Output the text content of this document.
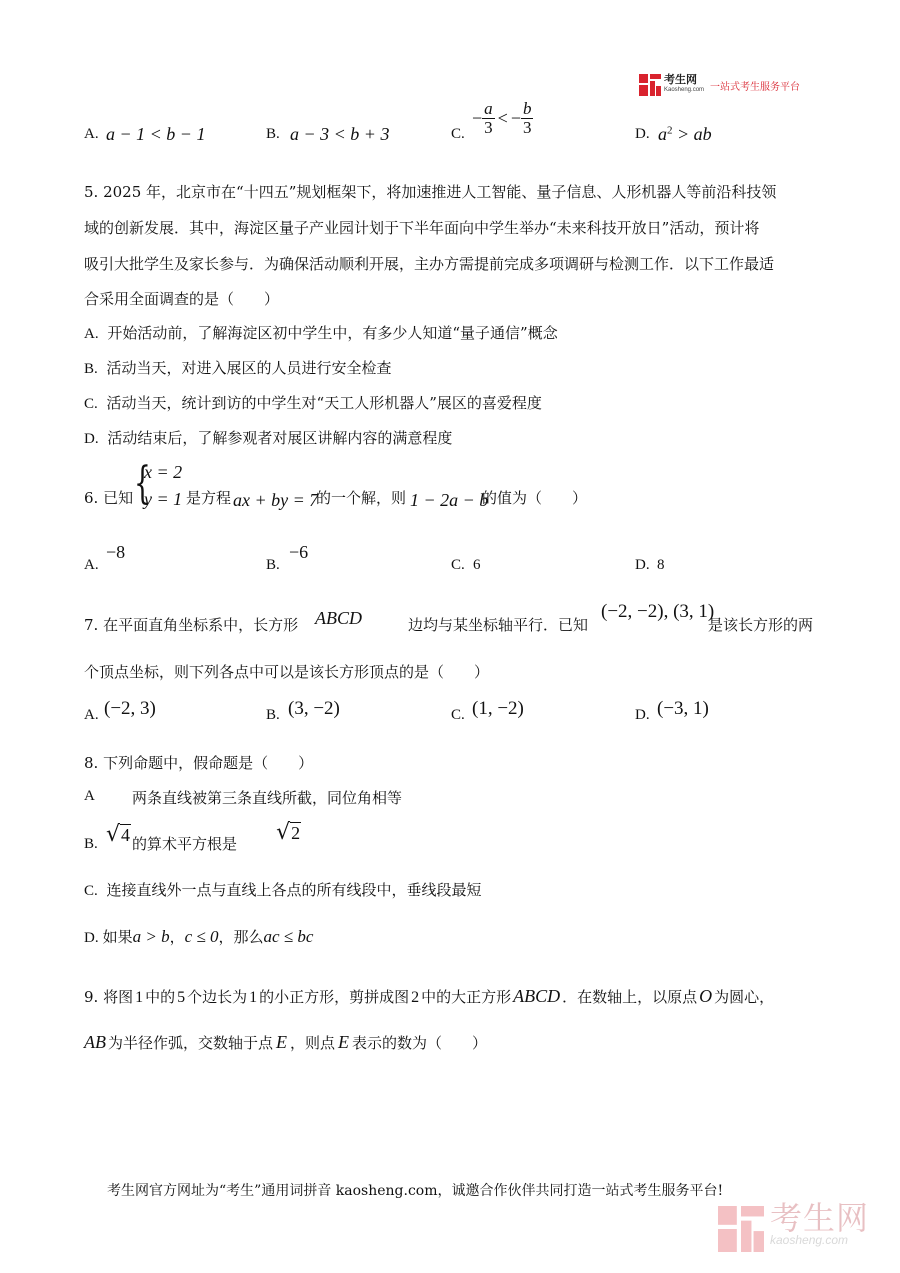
考生网
Kaosheng.com 一站式考生服务平台
A. a − 1 < b − 1	B. a − 3 < b + 3	C.
− $\frac{a}{3}$ < − $\frac{b}{3}$	D. $a^2$ > ab
5. 2025 年，北京市在“十四五”规划框架下，将加速推进人工智能、量子信息、人形机器人等前沿科技领
域的创新发展．其中，海淀区量子产业园计划于下半年面向中学生举办“未来科技开放日”活动，预计将
吸引大批学生及家长参与．为确保活动顺利开展，主办方需提前完成多项调研与检测工作．以下工作最适
合采用全面调查的是（　　）
A. 开始活动前，了解海淀区初中学生中，有多少人知道“量子通信”概念
B. 活动当天，对进入展区的人员进行安全检查
C. 活动当天，统计到访的中学生对“天工人形机器人”展区的喜爱程度
D. 活动结束后，了解参观者对展区讲解内容的满意程度
6. 已知 {
x = 2
y = 1 是方程 ax + by = 7
的一个解，则 1 − 2a − b
的值为（　　）
A.
−8
B.
−6
C. 6	D. 8
7. 在平面直角坐标系中，长方形 ABCD	边均与某坐标轴平行．已知
(−2, −2), (3, 1)
是该长方形的两
个顶点坐标，则下列各点中可以是该长方形顶点的是（　　）
A. (−2, 3)	B. (3, −2)	C. (1, −2)	D. (−3, 1)
8. 下列命题中，假命题是（　　）
A 两条直线被第三条直线所截，同位角相等
B. √4 的算术平方根是 √2
C. 连接直线外一点与直线上各点的所有线段中，垂线段最短
D. 如果 a > b ， c ≤ 0 ，那么 ac ≤ bc
9. 将图 1 中的 5 个边长为 1 的小正方形，剪拼成图 2 中的大正方形 ABCD ．在数轴上，以原点 O 为圆心，
AB 为半径作弧，交数轴于点 E ，则点 E 表示的数为（　　）
考生网官方网址为“考生”通用词拼音 kaosheng.com，诚邀合作伙伴共同打造一站式考生服务平台!
考生网
kaosheng.com
